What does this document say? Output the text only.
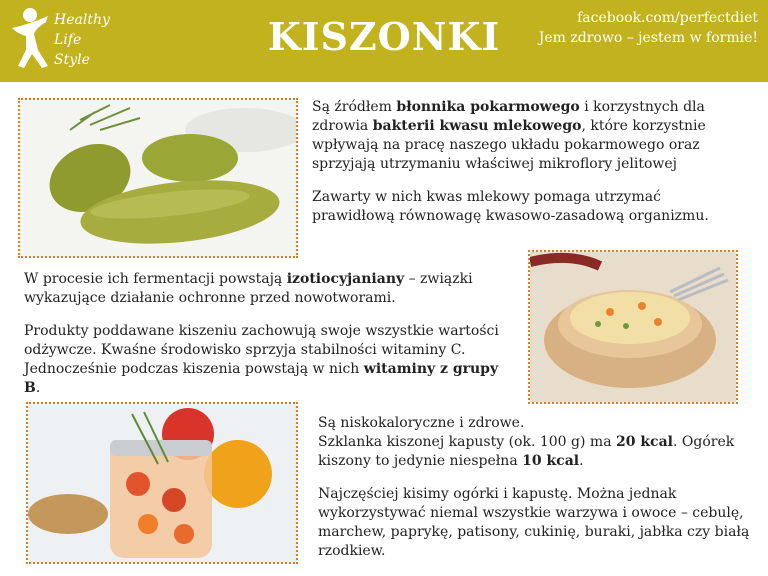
Healthy
Life
Style
KISZONKI	facebook.com/perfectdiet
Jem zdrowo – jestem w formie!

Są źródłem błonnika pokarmowego i korzystnych dla zdrowia bakterii kwasu mlekowego, które korzystnie wpływają na pracę naszego układu pokarmowego oraz sprzyjają utrzymaniu właściwej mikroflory jelitowej

Zawarty w nich kwas mlekowy pomaga utrzymać prawidłową równowagę kwasowo-zasadową organizmu.

W procesie ich fermentacji powstają izotiocyjaniany – związki wykazujące działanie ochronne przed nowotworami.

Produkty poddawane kiszeniu zachowują swoje wszystkie wartości odżywcze. Kwaśne środowisko sprzyja stabilności witaminy C. Jednocześnie podczas kiszenia powstają w nich witaminy z grupy B.

Są niskokaloryczne i zdrowe.
Szklanka kiszonej kapusty (ok. 100 g) ma 20 kcal. Ogórek kiszony to jedynie niespełna 10 kcal.

Najczęściej kisimy ogórki i kapustę. Można jednak wykorzystywać niemal wszystkie warzywa i owoce – cebulę, marchew, paprykę, patisony, cukinię, buraki, jabłka czy białą rzodkiew.
